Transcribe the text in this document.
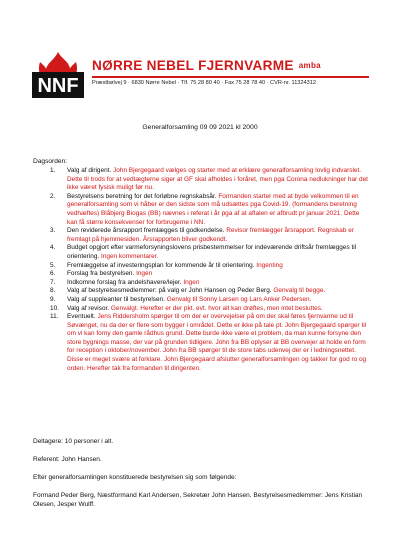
NNF
NØRRE NEBEL FJERNVARME amba
Præstbølvej 9 · 6830 Nørre Nebel · Tlf. 75 28 80 40 · Fax 75 28 78 40 · CVR-nr. 11324312
Generalforsamling 09 09 2021 kl 2000
Dagsorden:
1. Valg af dirigent. John Bjergegaard vælges og starter med at erklære generalforsamling lovlig indvarslet. Dette til trods for at vedtægterne siger at GF skal afholdes i foråret, men pga Corona nedlukninger har det ikke været fysisk muligt før nu.
2. Bestyrelsens beretning for det forløbne regnskabsår. Formanden starter med at byde velkommen til en generalforsamling som vi håber er den sidste som må udsættes pga Covid-19. (formandens beretning vedhæftes) Blåbjerg Biogas (BB) nævnes i referat i år pga af at aftalen er afbrudt pr januar 2021. Dette kan få større konsekvenser for forbrugerne i NN.
3. Den reviderede årsrapport fremlægges til godkendelse. Revisor fremlægger årsrapport. Regnskab er fremlagt på hjemmesiden. Årsrapporten bliver godkendt.
4. Budget opgjort efter varmeforsyningslovens prisbestemmelser for indeværende driftsår fremlægges til orientering. Ingen kommentarer.
5. Fremlæggelse af investeringsplan for kommende år til orientering. Ingenting
6. Forslag fra bestyrelsen. Ingen
7. Indkomne forslag fra andelshavere/lejer. Ingen
8. Valg af bestyrelsesmedlemmer: på valg er John Hansen og Peder Berg. Genvalg til begge.
9. Valg af suppleanter til bestyrelsen. Genvalg til Sonny Larsen og Lars Anker Pedersen.
10. Valg af revisor. Genvalgt. Herefter er der pkt. evt. hvor alt kan drøftes, men intet besluttes.
11. Eventuelt. Jens Riddersholm spørger til om der er overvejelser på om der skal føres fjernvarme ud til Søvænget, nu da der er flere som bygger i området. Dette er ikke på tale pt. John Bjergegaard spørger til om vi kan forny den gamle rådhus grund. Dette burde ikke være et problem, da man kunne forsyne den store bygnings masse, der var på grunden tidligere. John fra BB oplyser at BB overvejer at holde en form for reception i oktober/november. John fra BB spørger til de store tabs udenvej der er i ledningsnettet. Disse er meget svære at forklare. John Bjergegaard afslutter generalforsamlingen og takker for god ro og orden. Herefter tak fra formanden til dirigenten.
Deltagere: 10 personer i alt.
Referent: John Hansen.
Efter generalforsamlingen konstituerede bestyrelsen sig som følgende:
Formand Peder Berg, Næstformand Karl Andersen, Sekretær John Hansen. Bestyrelsesmedlemmer: Jens Kristian Olesen, Jesper Wulff.
